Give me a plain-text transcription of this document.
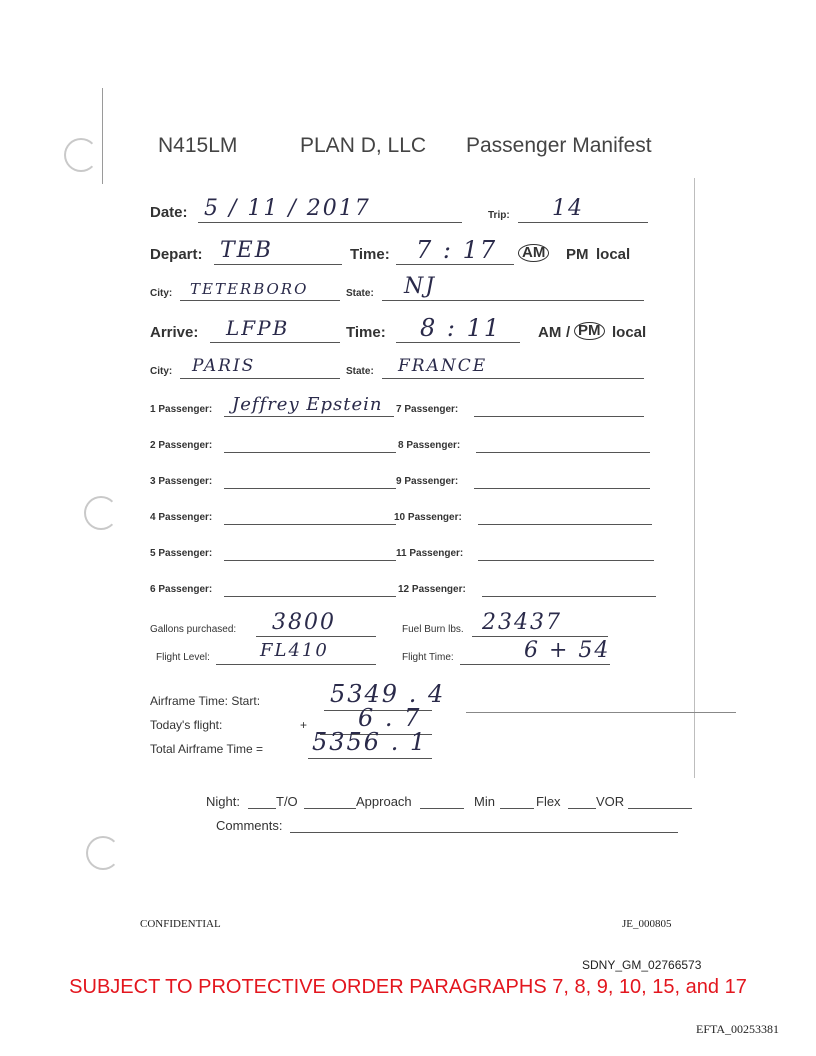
N415LM	PLAN D, LLC Passenger Manifest
Date: 5 / 11 / 2017	Trip: 14
Depart: TEB	Time: 7 : 17 AM PM local
City: TETERBORO	State: NJ
Arrive: LFPB	Time: 8 : 11 AM / PM local
City: PARIS	State: FRANCE
1 Passenger: Jeffrey Epstein 7 Passenger:
2 Passenger:	8 Passenger:
3 Passenger:	9 Passenger:
4 Passenger:	10 Passenger:
5 Passenger:	11 Passenger:
6 Passenger:	12 Passenger:
Gallons purchased: 3800	Fuel Burn lbs. 23437
Flight Level:	FL410	Flight Time:	6 + 54
Airframe Time: Start:	5349 . 4
Today's flight:	+ 6 . 7
Total Airframe Time = 5356 . 1
Night:	T/O	Approach	Min	Flex	VOR
Comments:
CONFIDENTIAL	JE_000805
SDNY_GM_02766573
SUBJECT TO PROTECTIVE ORDER PARAGRAPHS 7, 8, 9, 10, 15, and 17
EFTA_00253381
